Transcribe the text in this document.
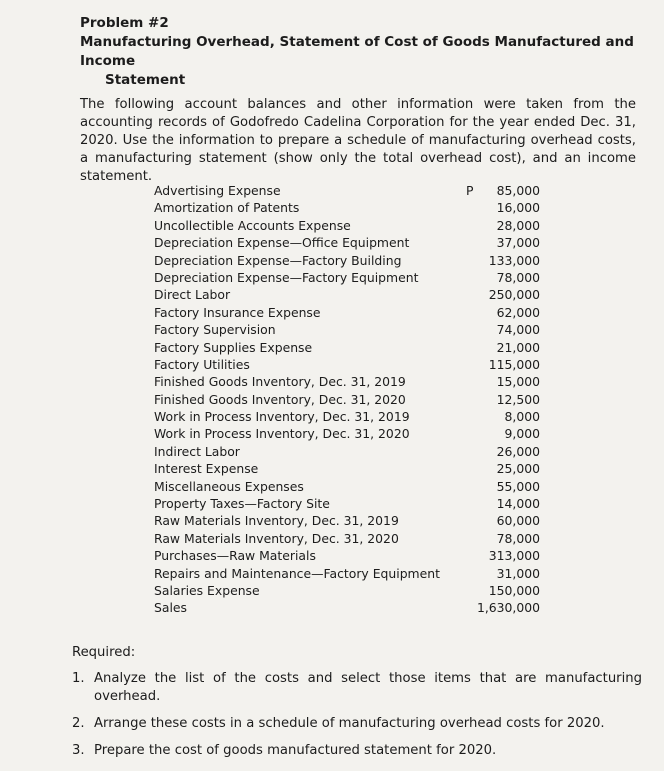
Problem #2
Manufacturing Overhead, Statement of Cost of Goods Manufactured and Income
Statement
The following account balances and other information were taken from the accounting records of Godofredo Cadelina Corporation for the year ended Dec. 31, 2020. Use the information to prepare a schedule of manufacturing overhead costs, a manufacturing statement (show only the total overhead cost), and an income statement.
Advertising Expense	P 85,000
Amortization of Patents	16,000
Uncollectible Accounts Expense	28,000
Depreciation Expense—Office Equipment	37,000
Depreciation Expense—Factory Building	133,000
Depreciation Expense—Factory Equipment	78,000
Direct Labor	250,000
Factory Insurance Expense	62,000
Factory Supervision	74,000
Factory Supplies Expense	21,000
Factory Utilities	115,000
Finished Goods Inventory, Dec. 31, 2019	15,000
Finished Goods Inventory, Dec. 31, 2020	12,500
Work in Process Inventory, Dec. 31, 2019	8,000
Work in Process Inventory, Dec. 31, 2020	9,000
Indirect Labor	26,000
Interest Expense	25,000
Miscellaneous Expenses	55,000
Property Taxes—Factory Site	14,000
Raw Materials Inventory, Dec. 31, 2019	60,000
Raw Materials Inventory, Dec. 31, 2020	78,000
Purchases—Raw Materials	313,000
Repairs and Maintenance—Factory Equipment	31,000
Salaries Expense	150,000
Sales	1,630,000
Required:
1. Analyze the list of the costs and select those items that are manufacturing overhead.
2. Arrange these costs in a schedule of manufacturing overhead costs for 2020.
3. Prepare the cost of goods manufactured statement for 2020.
